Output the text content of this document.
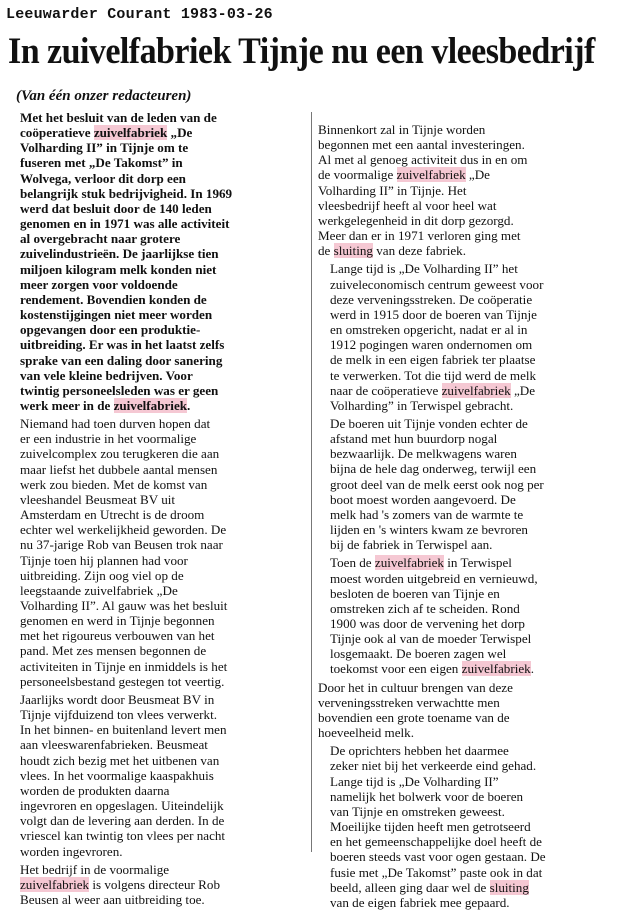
Leeuwarder Courant 1983-03-26
In zuivelfabriek Tijnje nu een vleesbedrijf
(Van één onzer redacteuren)

Met het besluit van de leden van de
coöperatieve zuivelfabriek „De
Volharding II” in Tijnje om te
fuseren met „De Takomst” in
Wolvega, verloor dit dorp een
belangrijk stuk bedrijvigheid. In 1969
werd dat besluit door de 140 leden
genomen en in 1971 was alle activiteit
al overgebracht naar grotere
zuivelindustrieën. De jaarlijkse tien
miljoen kilogram melk konden niet
meer zorgen voor voldoende
rendement. Bovendien konden de
kostenstijgingen niet meer worden
opgevangen door een produktie-
uitbreiding. Er was in het laatst zelfs
sprake van een daling door sanering
van vele kleine bedrijven. Voor
twintig personeelsleden was er geen
werk meer in de zuivelfabriek.

Niemand had toen durven hopen dat
er een industrie in het voormalige
zuivelcomplex zou terugkeren die aan
maar liefst het dubbele aantal mensen
werk zou bieden. Met de komst van
vleeshandel Beusmeat BV uit
Amsterdam en Utrecht is de droom
echter wel werkelijkheid geworden. De
nu 37-jarige Rob van Beusen trok naar
Tijnje toen hij plannen had voor
uitbreiding. Zijn oog viel op de
leegstaande zuivelfabriek „De
Volharding II”. Al gauw was het besluit
genomen en werd in Tijnje begonnen
met het rigoureus verbouwen van het
pand. Met zes mensen begonnen de
activiteiten in Tijnje en inmiddels is het
personeelsbestand gestegen tot veertig.

Jaarlijks wordt door Beusmeat BV in
Tijnje vijfduizend ton vlees verwerkt.
In het binnen- en buitenland levert men
aan vleeswarenfabrieken. Beusmeat
houdt zich bezig met het uitbenen van
vlees. In het voormalige kaaspakhuis
worden de produkten daarna
ingevroren en opgeslagen. Uiteindelijk
volgt dan de levering aan derden. In de
vriescel kan twintig ton vlees per nacht
worden ingevroren.

Het bedrijf in de voormalige
zuivelfabriek is volgens directeur Rob
Beusen al weer aan uitbreiding toe.

Binnenkort zal in Tijnje worden
begonnen met een aantal investeringen.
Al met al genoeg activiteit dus in en om
de voormalige zuivelfabriek „De
Volharding II” in Tijnje. Het
vleesbedrijf heeft al voor heel wat
werkgelegenheid in dit dorp gezorgd.
Meer dan er in 1971 verloren ging met
de sluiting van deze fabriek.

Lange tijd is „De Volharding II” het
zuiveleconomisch centrum geweest voor
deze verveningsstreken. De coöperatie
werd in 1915 door de boeren van Tijnje
en omstreken opgericht, nadat er al in
1912 pogingen waren ondernomen om
de melk in een eigen fabriek ter plaatse
te verwerken. Tot die tijd werd de melk
naar de coöperatieve zuivelfabriek „De
Volharding” in Terwispel gebracht.

De boeren uit Tijnje vonden echter de
afstand met hun buurdorp nogal
bezwaarlijk. De melkwagens waren
bijna de hele dag onderweg, terwijl een
groot deel van de melk eerst ook nog per
boot moest worden aangevoerd. De
melk had 's zomers van de warmte te
lijden en 's winters kwam ze bevroren
bij de fabriek in Terwispel aan.

Toen de zuivelfabriek in Terwispel
moest worden uitgebreid en vernieuwd,
besloten de boeren van Tijnje en
omstreken zich af te scheiden. Rond
1900 was door de vervening het dorp
Tijnje ook al van de moeder Terwispel
losgemaakt. De boeren zagen wel
toekomst voor een eigen zuivelfabriek.

Door het in cultuur brengen van deze
verveningsstreken verwachtte men
bovendien een grote toename van de
hoeveelheid melk.

De oprichters hebben het daarmee
zeker niet bij het verkeerde eind gehad.
Lange tijd is „De Volharding II”
namelijk het bolwerk voor de boeren
van Tijnje en omstreken geweest.
Moeilijke tijden heeft men getrotseerd
en het gemeenschappelijke doel heeft de
boeren steeds vast voor ogen gestaan. De
fusie met „De Takomst” paste ook in dat
beeld, alleen ging daar wel de sluiting
van de eigen fabriek mee gepaard.
